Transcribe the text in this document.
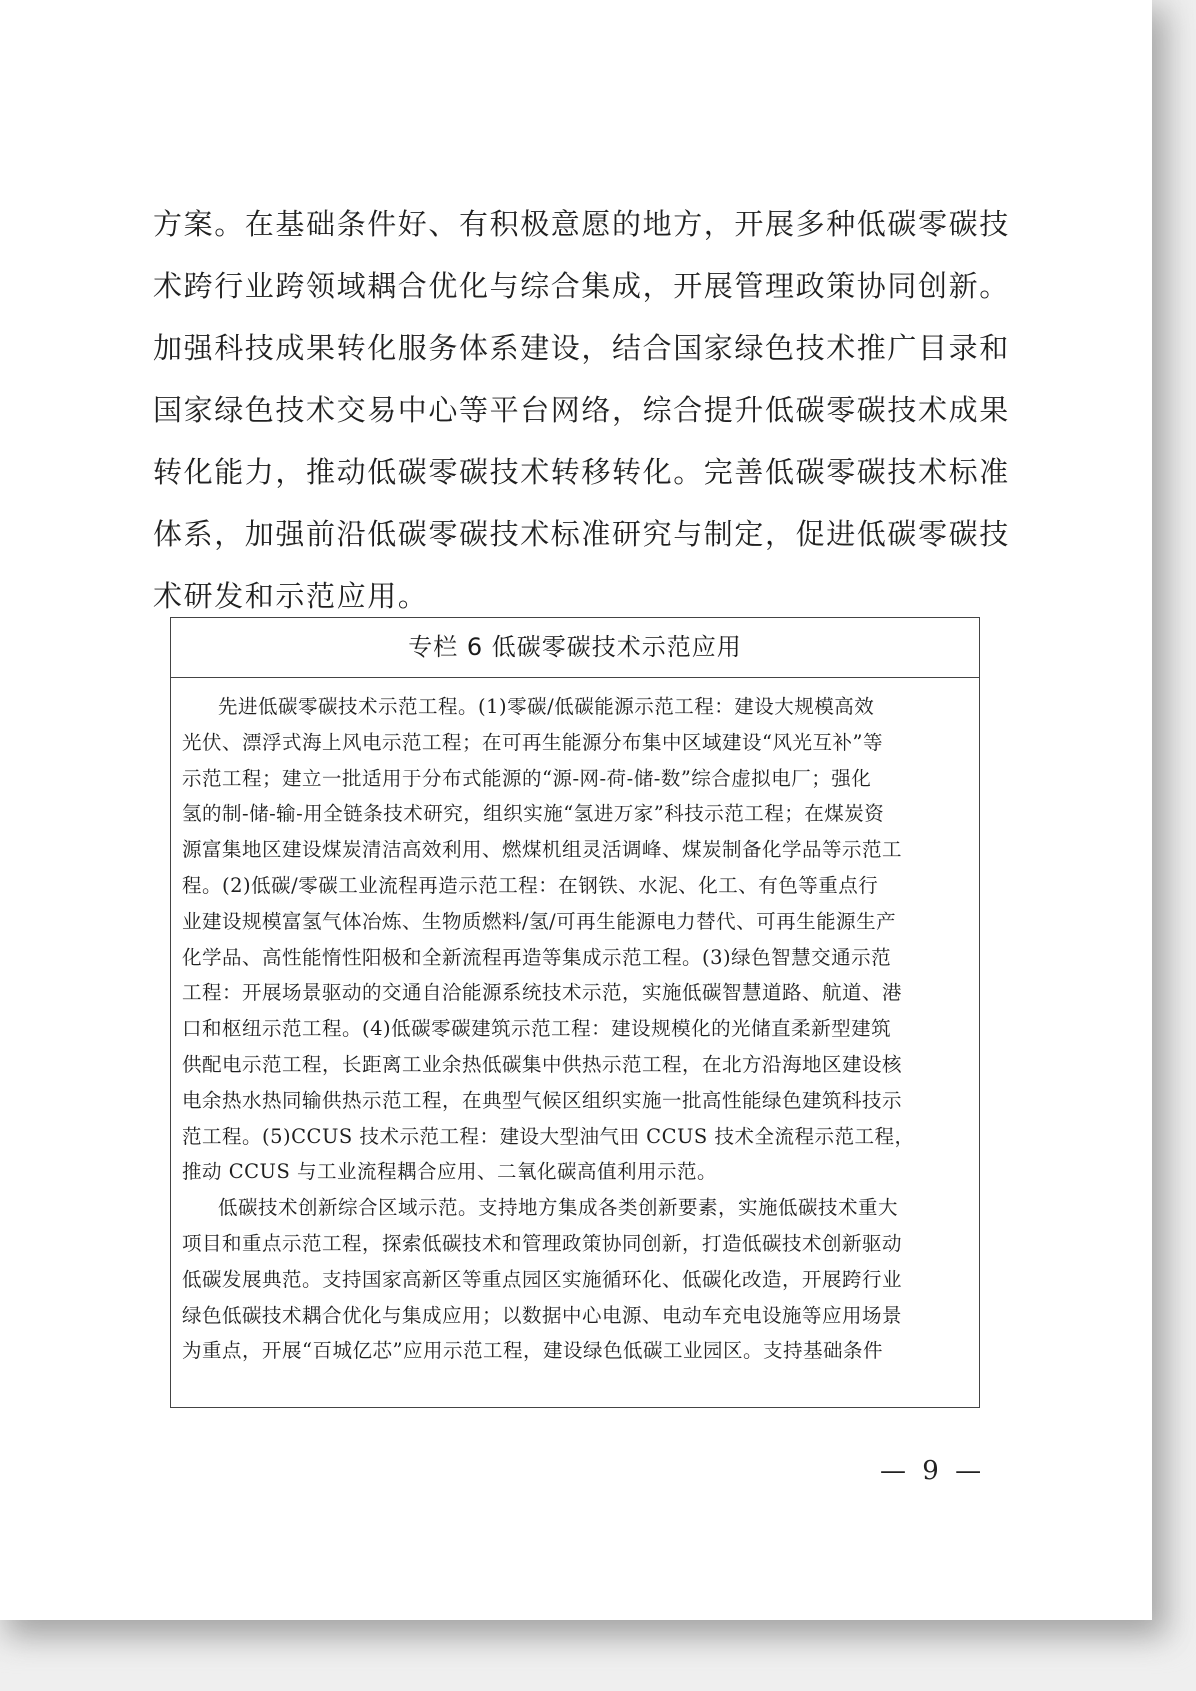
方案。在基础条件好、有积极意愿的地方，开展多种低碳零碳技
术跨行业跨领域耦合优化与综合集成，开展管理政策协同创新。
加强科技成果转化服务体系建设，结合国家绿色技术推广目录和
国家绿色技术交易中心等平台网络，综合提升低碳零碳技术成果
转化能力，推动低碳零碳技术转移转化。完善低碳零碳技术标准
体系，加强前沿低碳零碳技术标准研究与制定，促进低碳零碳技
术研发和示范应用。
专栏 6 低碳零碳技术示范应用
先进低碳零碳技术示范工程。(1)零碳/低碳能源示范工程：建设大规模高效
光伏、漂浮式海上风电示范工程；在可再生能源分布集中区域建设“风光互补”等
示范工程；建立一批适用于分布式能源的“源-网-荷-储-数”综合虚拟电厂；强化
氢的制-储-输-用全链条技术研究，组织实施“氢进万家”科技示范工程；在煤炭资
源富集地区建设煤炭清洁高效利用、燃煤机组灵活调峰、煤炭制备化学品等示范工
程。(2)低碳/零碳工业流程再造示范工程：在钢铁、水泥、化工、有色等重点行
业建设规模富氢气体冶炼、生物质燃料/氢/可再生能源电力替代、可再生能源生产
化学品、高性能惰性阳极和全新流程再造等集成示范工程。(3)绿色智慧交通示范
工程：开展场景驱动的交通自洽能源系统技术示范，实施低碳智慧道路、航道、港
口和枢纽示范工程。(4)低碳零碳建筑示范工程：建设规模化的光储直柔新型建筑
供配电示范工程，长距离工业余热低碳集中供热示范工程，在北方沿海地区建设核
电余热水热同输供热示范工程，在典型气候区组织实施一批高性能绿色建筑科技示
范工程。(5)CCUS 技术示范工程：建设大型油气田 CCUS 技术全流程示范工程，
推动 CCUS 与工业流程耦合应用、二氧化碳高值利用示范。
低碳技术创新综合区域示范。支持地方集成各类创新要素，实施低碳技术重大
项目和重点示范工程，探索低碳技术和管理政策协同创新，打造低碳技术创新驱动
低碳发展典范。支持国家高新区等重点园区实施循环化、低碳化改造，开展跨行业
绿色低碳技术耦合优化与集成应用；以数据中心电源、电动车充电设施等应用场景
为重点，开展“百城亿芯”应用示范工程，建设绿色低碳工业园区。支持基础条件
— 9 —
